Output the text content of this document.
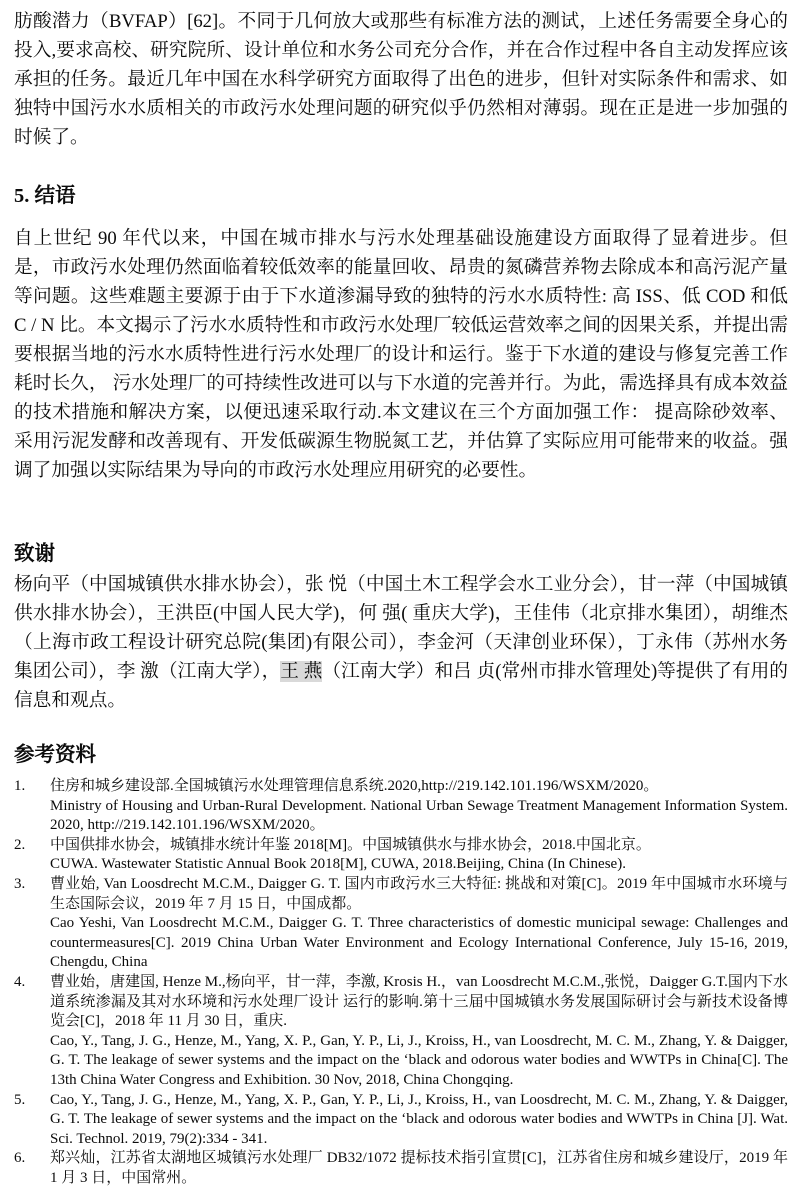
肪酸潜力（BVFAP）[62]。不同于几何放大或那些有标准方法的测试，上述任务需要全身心的投入,要求高校、研究院所、设计单位和水务公司充分合作，并在合作过程中各自主动发挥应该承担的任务。最近几年中国在水科学研究方面取得了出色的进步，但针对实际条件和需求、如独特中国污水水质相关的市政污水处理问题的研究似乎仍然相对薄弱。现在正是进一步加强的时候了。

5. 结语

自上世纪 90 年代以来，中国在城市排水与污水处理基础设施建设方面取得了显着进步。但是，市政污水处理仍然面临着较低效率的能量回收、昂贵的氮磷营养物去除成本和高污泥产量等问题。这些难题主要源于由于下水道渗漏导致的独特的污水水质特性: 高 ISS、低 COD 和低 C / N 比。本文揭示了污水水质特性和市政污水处理厂较低运营效率之间的因果关系，并提出需要根据当地的污水水质特性进行污水处理厂的设计和运行。鉴于下水道的建设与修复完善工作耗时长久， 污水处理厂的可持续性改进可以与下水道的完善并行。为此，需选择具有成本效益的技术措施和解决方案，以便迅速采取行动.本文建议在三个方面加强工作： 提高除砂效率、采用污泥发酵和改善现有、开发低碳源生物脱氮工艺，并估算了实际应用可能带来的收益。强调了加强以实际结果为导向的市政污水处理应用研究的必要性。

致谢

杨向平（中国城镇供水排水协会），张 悦（中国土木工程学会水工业分会），甘一萍（中国城镇供水排水协会），王洪臣(中国人民大学)，何 强( 重庆大学)，王佳伟（北京排水集团），胡维杰（上海市政工程设计研究总院(集团)有限公司），李金河（天津创业环保），丁永伟（苏州水务集团公司），李 激（江南大学），王 燕（江南大学）和吕 贞(常州市排水管理处)等提供了有用的信息和观点。

参考资料
1. 住房和城乡建设部.全国城镇污水处理管理信息系统.2020,http://219.142.101.196/WSXM/2020。
Ministry of Housing and Urban-Rural Development. National Urban Sewage Treatment Management Information System. 2020, http://219.142.101.196/WSXM/2020。
2. 中国供排水协会，城镇排水统计年鉴 2018[M]。中国城镇供水与排水协会，2018.中国北京。
CUWA. Wastewater Statistic Annual Book 2018[M], CUWA, 2018.Beijing, China (In Chinese).
3. 曹业始, Van Loosdrecht M.C.M., Daigger G. T. 国内市政污水三大特征: 挑战和对策[C]。2019 年中国城市水环境与生态国际会议，2019 年 7 月 15 日，中国成都。
Cao Yeshi, Van Loosdrecht M.C.M., Daigger G. T. Three characteristics of domestic municipal sewage: Challenges and countermeasures[C]. 2019 China Urban Water Environment and Ecology International Conference, July 15-16, 2019, Chengdu, China
4. 曹业始，唐建国, Henze M.,杨向平，甘一萍，李激, Krosis H.，van Loosdrecht M.C.M.,张悦，Daigger G.T.国内下水道系统渗漏及其对水环境和污水处理厂设计 运行的影响.第十三届中国城镇水务发展国际研讨会与新技术设备博览会[C]，2018 年 11 月 30 日，重庆.
Cao, Y., Tang, J. G., Henze, M., Yang, X. P., Gan, Y. P., Li, J., Kroiss, H., van Loosdrecht, M. C. M., Zhang, Y. & Daigger, G. T. The leakage of sewer systems and the impact on the ‘black and odorous water bodies and WWTPs in China[C]. The 13th China Water Congress and Exhibition. 30 Nov, 2018, China Chongqing.
5. Cao, Y., Tang, J. G., Henze, M., Yang, X. P., Gan, Y. P., Li, J., Kroiss, H., van Loosdrecht, M. C. M., Zhang, Y. & Daigger, G. T. The leakage of sewer systems and the impact on the ‘black and odorous water bodies and WWTPs in China [J]. Wat. Sci. Technol. 2019, 79(2):334 - 341.
6. 郑兴灿，江苏省太湖地区城镇污水处理厂 DB32/1072 提标技术指引宣贯[C]，江苏省住房和城乡建设厅，2019 年 1 月 3 日，中国常州。
